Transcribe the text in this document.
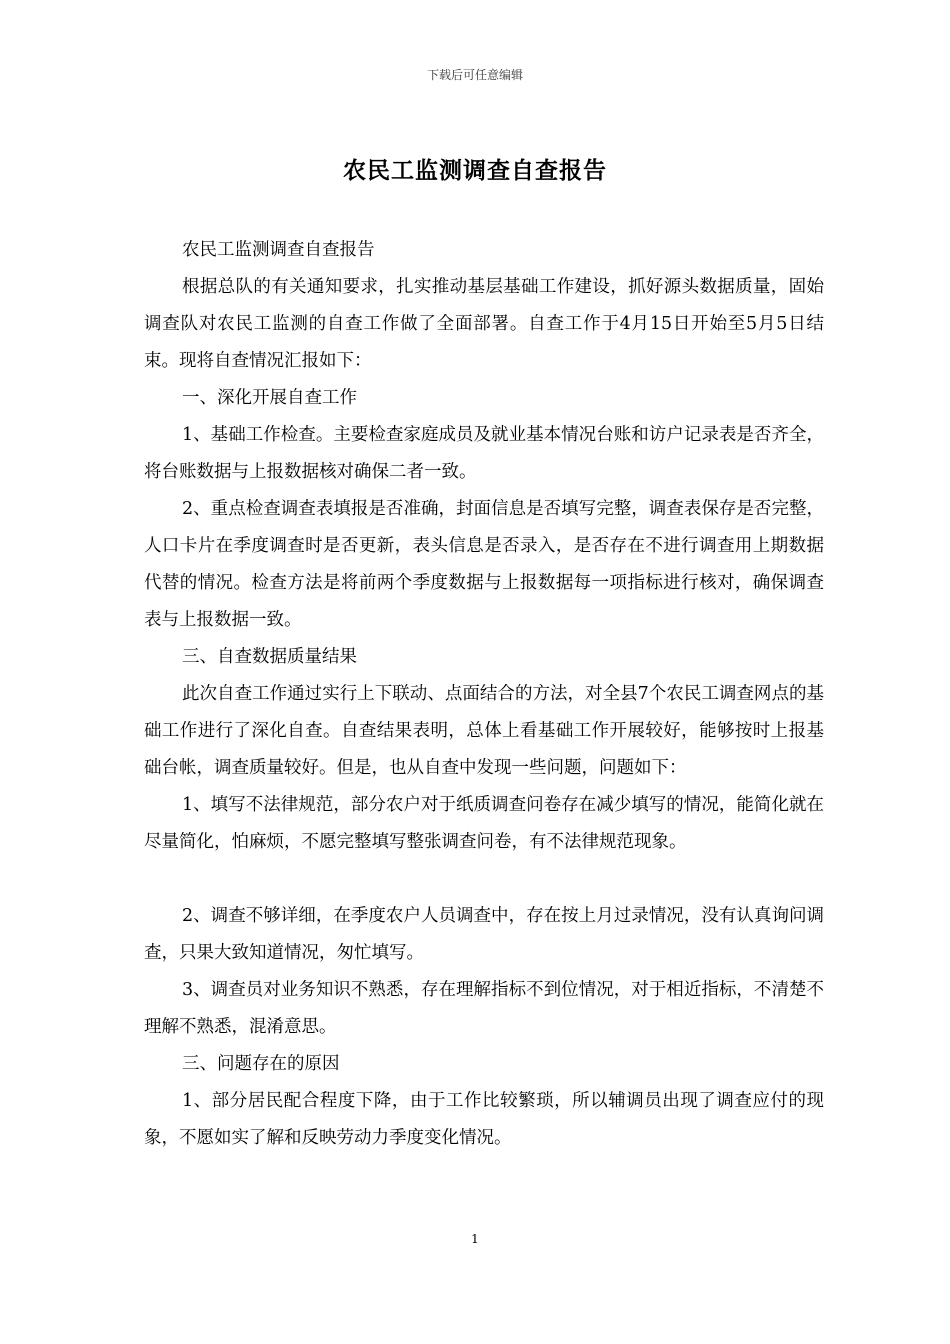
下载后可任意编辑
农民工监测调查自查报告

农民工监测调查自查报告

根据总队的有关通知要求，扎实推动基层基础工作建设，抓好源头数据质量，固始调查队对农民工监测的自查工作做了全面部署。自查工作于4月15日开始至5月5日结束。现将自查情况汇报如下：

一、深化开展自查工作

1、基础工作检查。主要检查家庭成员及就业基本情况台账和访户记录表是否齐全，将台账数据与上报数据核对确保二者一致。

2、重点检查调查表填报是否准确，封面信息是否填写完整，调查表保存是否完整，人口卡片在季度调查时是否更新，表头信息是否录入，是否存在不进行调查用上期数据代替的情况。检查方法是将前两个季度数据与上报数据每一项指标进行核对，确保调查表与上报数据一致。

三、自查数据质量结果

此次自查工作通过实行上下联动、点面结合的方法，对全县7个农民工调查网点的基础工作进行了深化自查。自查结果表明，总体上看基础工作开展较好，能够按时上报基础台帐，调查质量较好。但是，也从自查中发现一些问题，问题如下：

1、填写不法律规范，部分农户对于纸质调查问卷存在减少填写的情况，能简化就在尽量简化，怕麻烦，不愿完整填写整张调查问卷，有不法律规范现象。

2、调查不够详细，在季度农户人员调查中，存在按上月过录情况，没有认真询问调查，只果大致知道情况，匆忙填写。

3、调查员对业务知识不熟悉，存在理解指标不到位情况，对于相近指标，不清楚不理解不熟悉，混淆意思。

三、问题存在的原因

1、部分居民配合程度下降，由于工作比较繁琐，所以辅调员出现了调查应付的现象，不愿如实了解和反映劳动力季度变化情况。

1
